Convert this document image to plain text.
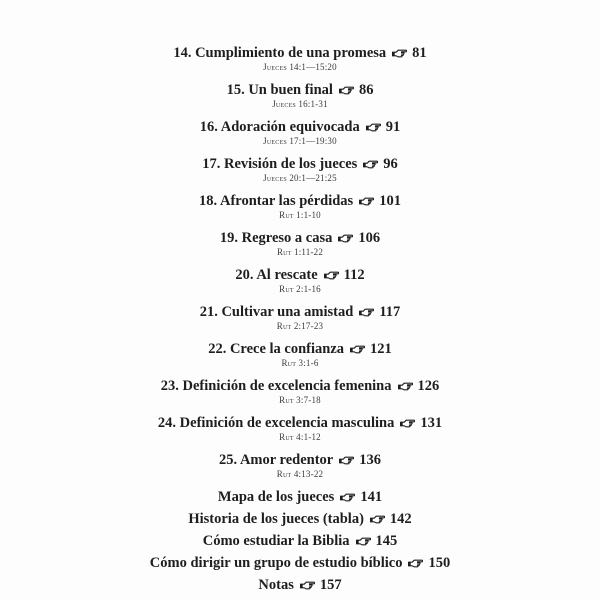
14. Cumplimiento de una promesa 81
Jueces 14:1—15:20
15. Un buen final 86
Jueces 16:1-31
16. Adoración equivocada 91
Jueces 17:1—19:30
17. Revisión de los jueces 96
Jueces 20:1—21:25
18. Afrontar las pérdidas 101
Rut 1:1-10
19. Regreso a casa 106
Rut 1:11-22
20. Al rescate 112
Rut 2:1-16
21. Cultivar una amistad 117
Rut 2:17-23
22. Crece la confianza 121
Rut 3:1-6
23. Definición de excelencia femenina 126
Rut 3:7-18
24. Definición de excelencia masculina 131
Rut 4:1-12
25. Amor redentor 136
Rut 4:13-22
Mapa de los jueces 141
Historia de los jueces (tabla) 142
Cómo estudiar la Biblia 145
Cómo dirigir un grupo de estudio bíblico 150
Notas 157
